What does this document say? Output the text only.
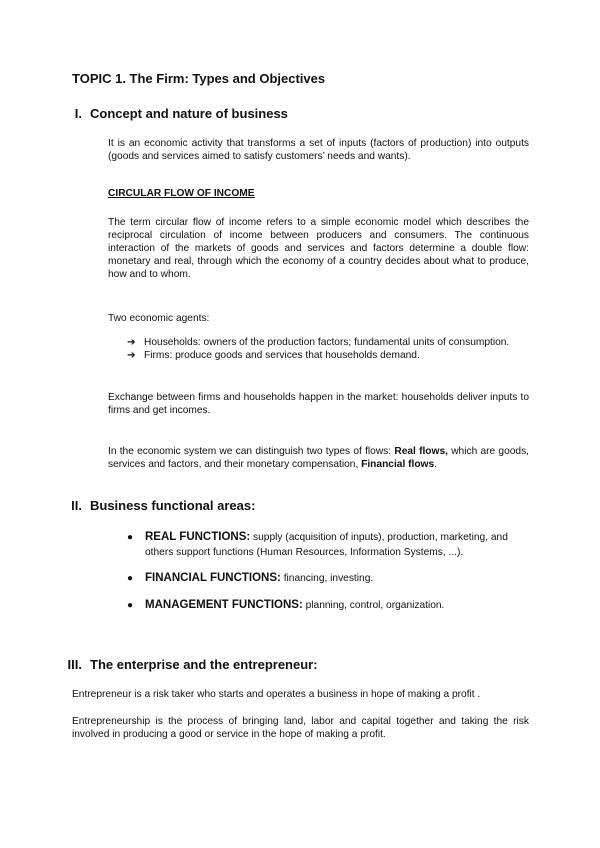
TOPIC 1. The Firm: Types and Objectives
I. Concept and nature of business
It is an economic activity that transforms a set of inputs (factors of production) into outputs (goods and services aimed to satisfy customers’ needs and wants).
CIRCULAR FLOW OF INCOME
The term circular flow of income refers to a simple economic model which describes the reciprocal circulation of income between producers and consumers. The continuous interaction of the markets of goods and services and factors determine a double flow: monetary and real, through which the economy of a country decides about what to produce, how and to whom.
Two economic agents:
➔ Households: owners of the production factors; fundamental units of consumption.
➔ Firms: produce goods and services that households demand.
Exchange between firms and households happen in the market: households deliver inputs to firms and get incomes.
In the economic system we can distinguish two types of flows: Real flows, which are goods, services and factors, and their monetary compensation, Financial flows.
II. Business functional areas:
●	REAL FUNCTIONS: supply (acquisition of inputs), production, marketing, and others support functions (Human Resources, Information Systems, ...).
●	FINANCIAL FUNCTIONS: financing, investing.
●	MANAGEMENT FUNCTIONS: planning, control, organization.
III. The enterprise and the entrepreneur:
Entrepreneur is a risk taker who starts and operates a business in hope of making a profit .
Entrepreneurship is the process of bringing land, labor and capital together and taking the risk involved in producing a good or service in the hope of making a profit.
